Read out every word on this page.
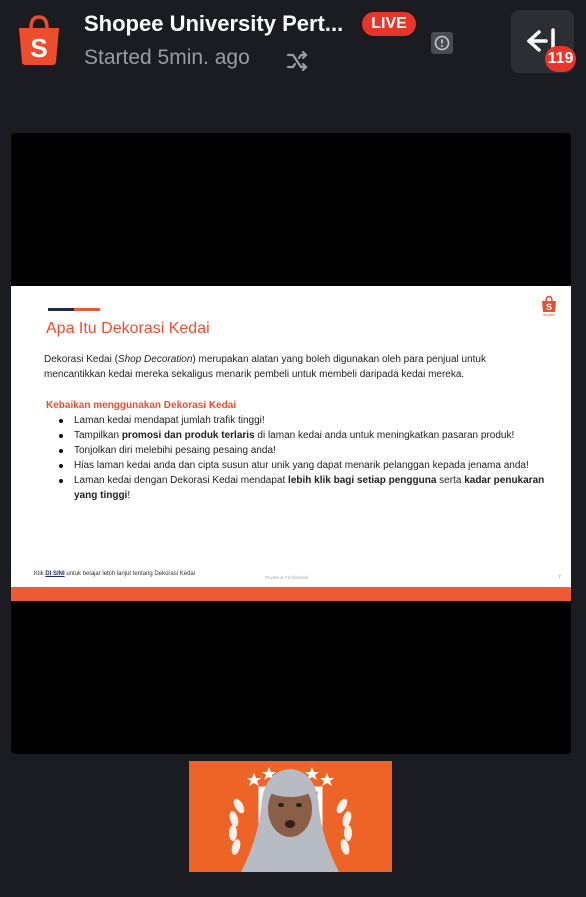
S
Shopee University Pert...	LIVE
Started 5min. ago	119
S
Shopee
Apa Itu Dekorasi Kedai
Dekorasi Kedai (Shop Decoration) merupakan alatan yang boleh digunakan oleh para penjual untuk mencantikkan kedai mereka sekaligus menarik pembeli untuk membeli daripada kedai mereka.
Kebaikan menggunakan Dekorasi Kedai
Laman kedai mendapat jumlah trafik tinggi!
Tampilkan promosi dan produk terlaris di laman kedai anda untuk meningkatkan pasaran produk!
Tonjolkan diri melebihi pesaing pesaing anda!
Hias laman kedai anda dan cipta susun atur unik yang dapat menarik pelanggan kepada jenama anda!
Laman kedai dengan Dekorasi Kedai mendapat lebih klik bagi setiap pengguna serta kadar penukaran yang tinggi!
Klik DI SINI untuk belajar lebih lanjut tentang Dekorasi Kedai
Private & Confidential	7
